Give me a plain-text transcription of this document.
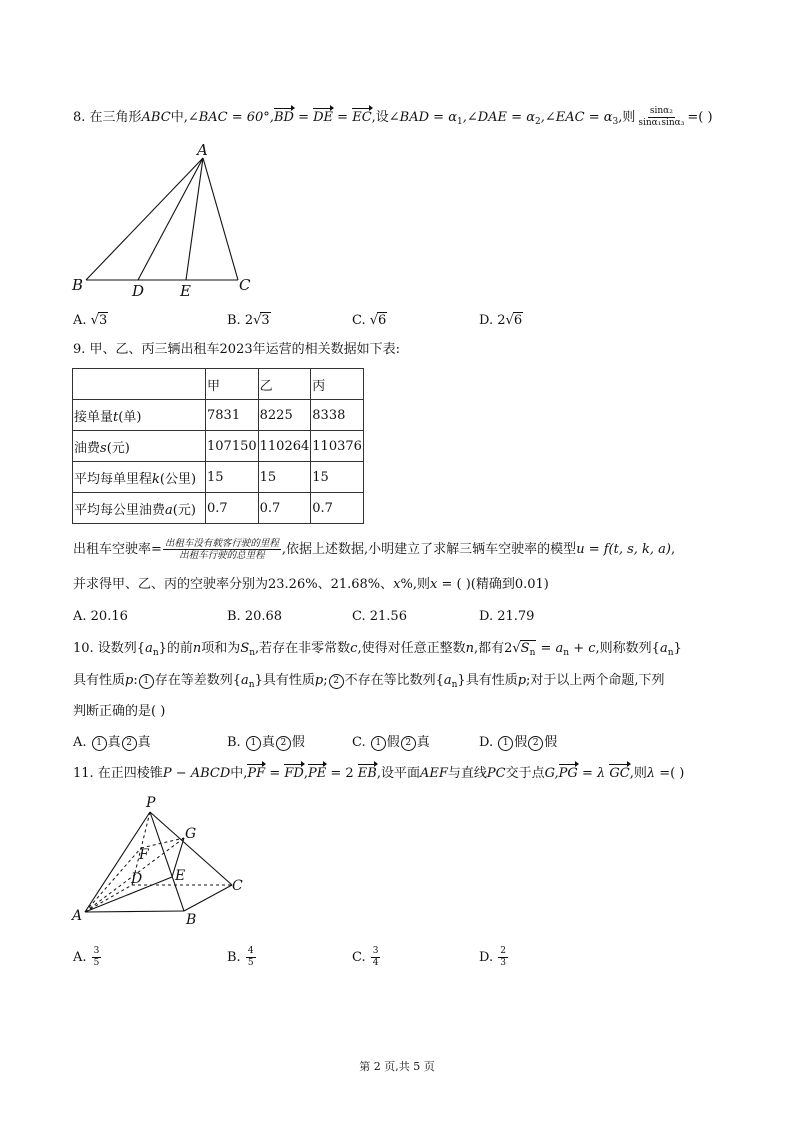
8. 在三角形ABC中,∠BAC = 60°,BD = DE = EC,设∠BAD = $\alpha_1,\angle DAE$ = $\alpha_2,\angle EAC = \alpha_3$,则 $\frac{\text{sinα₂}}{\text{sinα₁sinα₃}}$ =( )
A
B	D E	C
A. √3	B. 2√3	C. √6	D. 2√6
9. 甲、乙、丙三辆出租车2023年运营的相关数据如下表:
	甲	乙	丙
接单量t(单)	7831	8225	8338
油费s(元)	107150	110264	110376
平均每单里程k(公里)	15	15	15
平均每公里油费a(元)	0.7	0.7	0.7
出租车空驶率= $\frac{\text{出租车没有载客行驶的里程}}{\text{出租车行驶的总里程}}$ ,依据上述数据,小明建立了求解三辆车空驶率的模型u = f(t, s, k, a),
并求得甲、乙、丙的空驶率分别为23.26%、21.68%、x%,则x = ( )(精确到0.01)
A. 20.16	B. 20.68	C. 21.56	D. 21.79
10. 设数列$\{a_n\}$的前n项和为$S_n$,若存在非零常数c,使得对任意正整数n,都有$2√S_n = a_n + c$,则称数列$\{a_n\}$
具有性质p: 1 存在等差数列$\{a_n\}$具有性质p; 2 不存在等比数列$\{a_n\}$具有性质p;对于以上两个命题,下列
判断正确的是( )
A. 1 真 2 真	B. 1 真 2 假	C. 1 假 2 真	D. 1 假 2 假
11. 在正四棱锥P − ABCD中,PF = FD,PE = 2 EB,设平面AEF与直线PC交于点G,PG = λ GC,则λ =( )
P
G
F
D E
C
A	B
A. $\frac{3}{5}$	B. $\frac{4}{5}$	C. $\frac{3}{4}$	D. $\frac{2}{3}$
第 2 页,共 5 页
